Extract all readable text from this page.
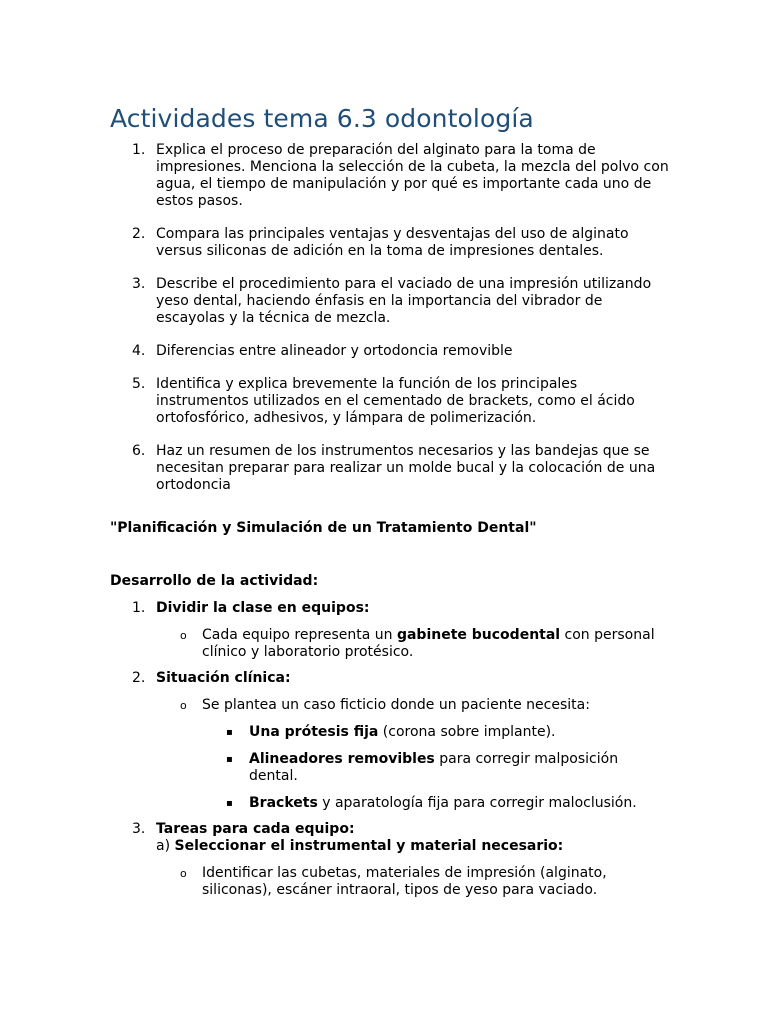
Actividades tema 6.3 odontología
1. Explica el proceso de preparación del alginato para la toma de impresiones. Menciona la selección de la cubeta, la mezcla del polvo con agua, el tiempo de manipulación y por qué es importante cada uno de estos pasos.
2. Compara las principales ventajas y desventajas del uso de alginato versus siliconas de adición en la toma de impresiones dentales.
3. Describe el procedimiento para el vaciado de una impresión utilizando yeso dental, haciendo énfasis en la importancia del vibrador de escayolas y la técnica de mezcla.
4. Diferencias entre alineador y ortodoncia removible
5. Identifica y explica brevemente la función de los principales instrumentos utilizados en el cementado de brackets, como el ácido ortofosfórico, adhesivos, y lámpara de polimerización.
6. Haz un resumen de los instrumentos necesarios y las bandejas que se necesitan preparar para realizar un molde bucal y la colocación de una ortodoncia
"Planificación y Simulación de un Tratamiento Dental"
Desarrollo de la actividad:
1. Dividir la clase en equipos:
o Cada equipo representa un gabinete bucodental con personal clínico y laboratorio protésico.
2. Situación clínica:
o Se plantea un caso ficticio donde un paciente necesita:
▪ Una prótesis fija (corona sobre implante).
▪ Alineadores removibles para corregir malposición dental.
▪ Brackets y aparatología fija para corregir maloclusión.
3. Tareas para cada equipo:
a) Seleccionar el instrumental y material necesario:
o Identificar las cubetas, materiales de impresión (alginato, siliconas), escáner intraoral, tipos de yeso para vaciado.
